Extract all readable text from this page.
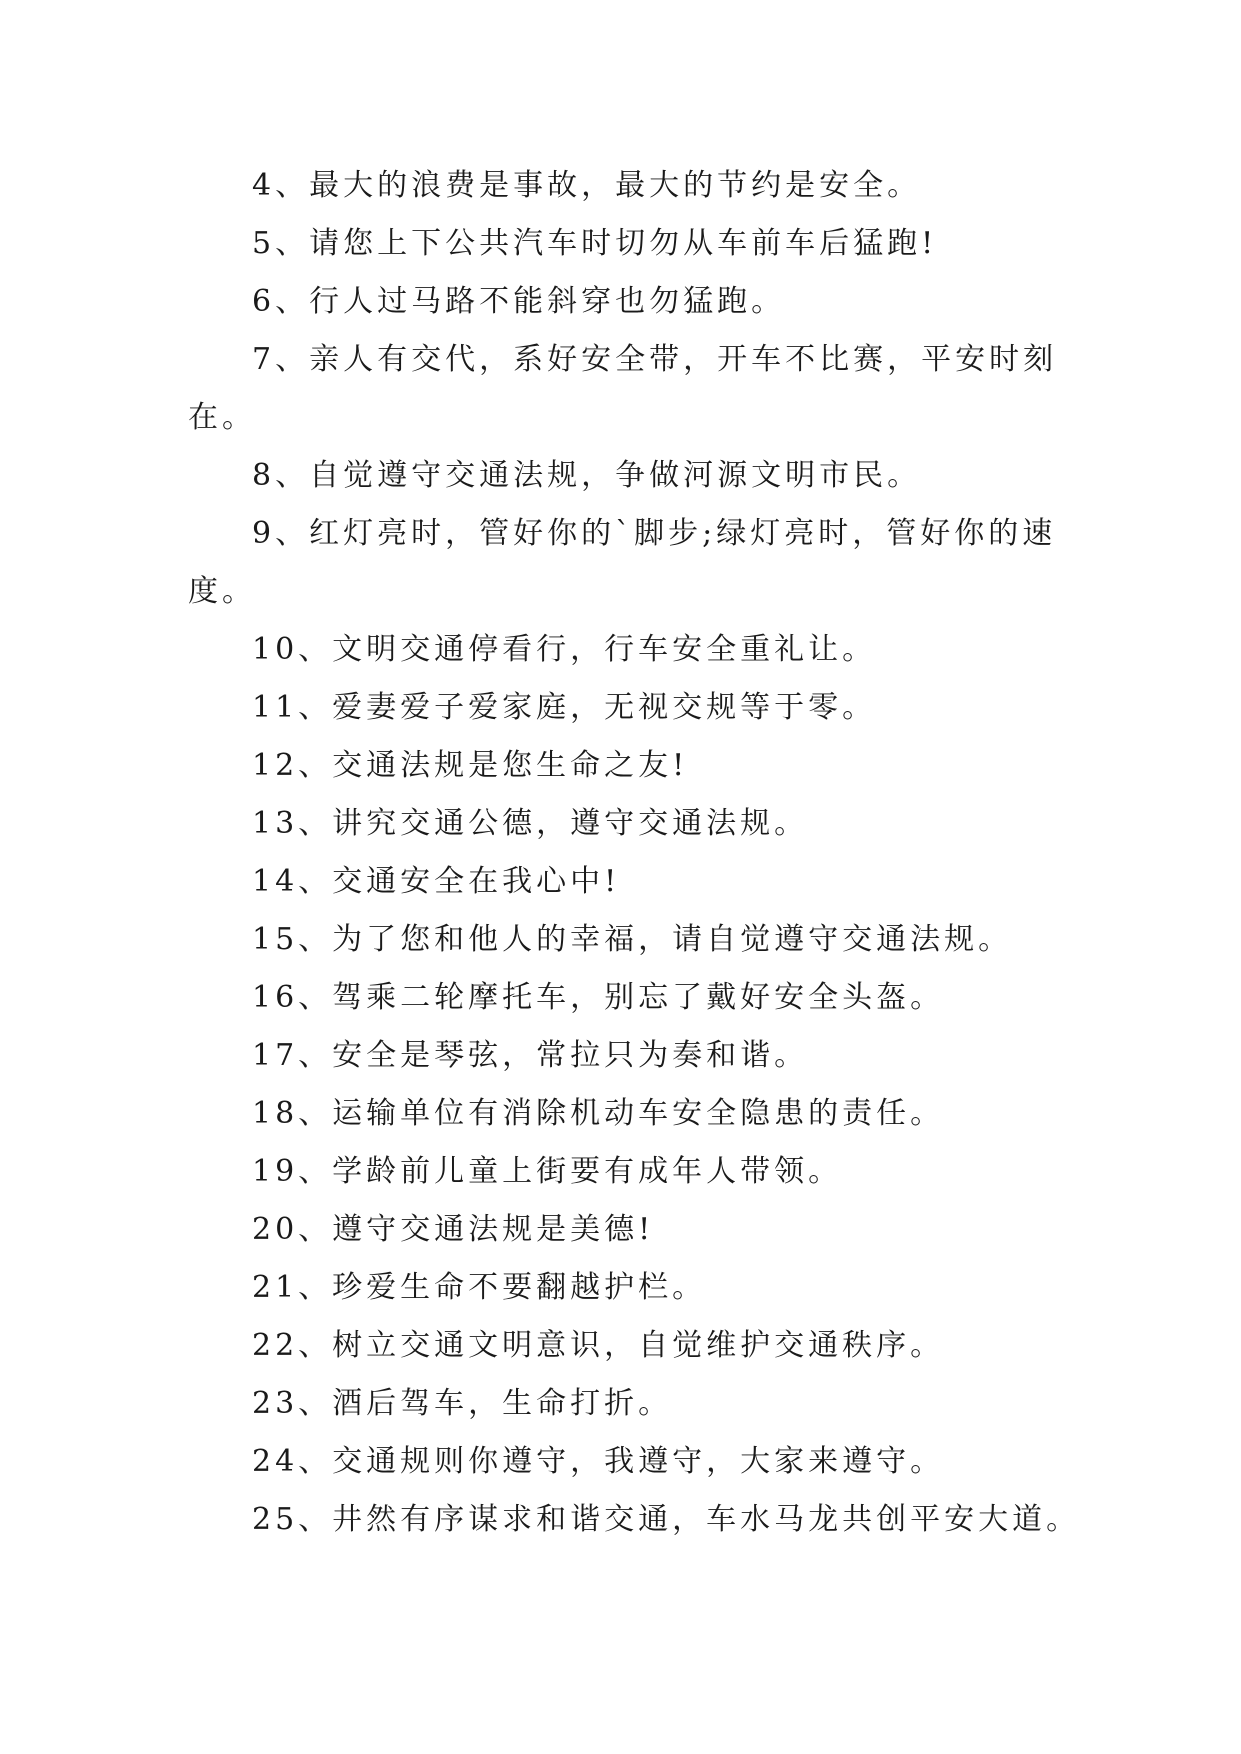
4、最大的浪费是事故，最大的节约是安全。
5、请您上下公共汽车时切勿从车前车后猛跑!
6、行人过马路不能斜穿也勿猛跑。
7、亲人有交代，系好安全带，开车不比赛，平安时刻
在。
8、自觉遵守交通法规，争做河源文明市民。
9、红灯亮时，管好你的`脚步;绿灯亮时，管好你的速
度。
10、文明交通停看行，行车安全重礼让。
11、爱妻爱子爱家庭，无视交规等于零。
12、交通法规是您生命之友!
13、讲究交通公德，遵守交通法规。
14、交通安全在我心中!
15、为了您和他人的幸福，请自觉遵守交通法规。
16、驾乘二轮摩托车，别忘了戴好安全头盔。
17、安全是琴弦，常拉只为奏和谐。
18、运输单位有消除机动车安全隐患的责任。
19、学龄前儿童上街要有成年人带领。
20、遵守交通法规是美德!
21、珍爱生命不要翻越护栏。
22、树立交通文明意识，自觉维护交通秩序。
23、酒后驾车，生命打折。
24、交通规则你遵守，我遵守，大家来遵守。
25、井然有序谋求和谐交通，车水马龙共创平安大道。
